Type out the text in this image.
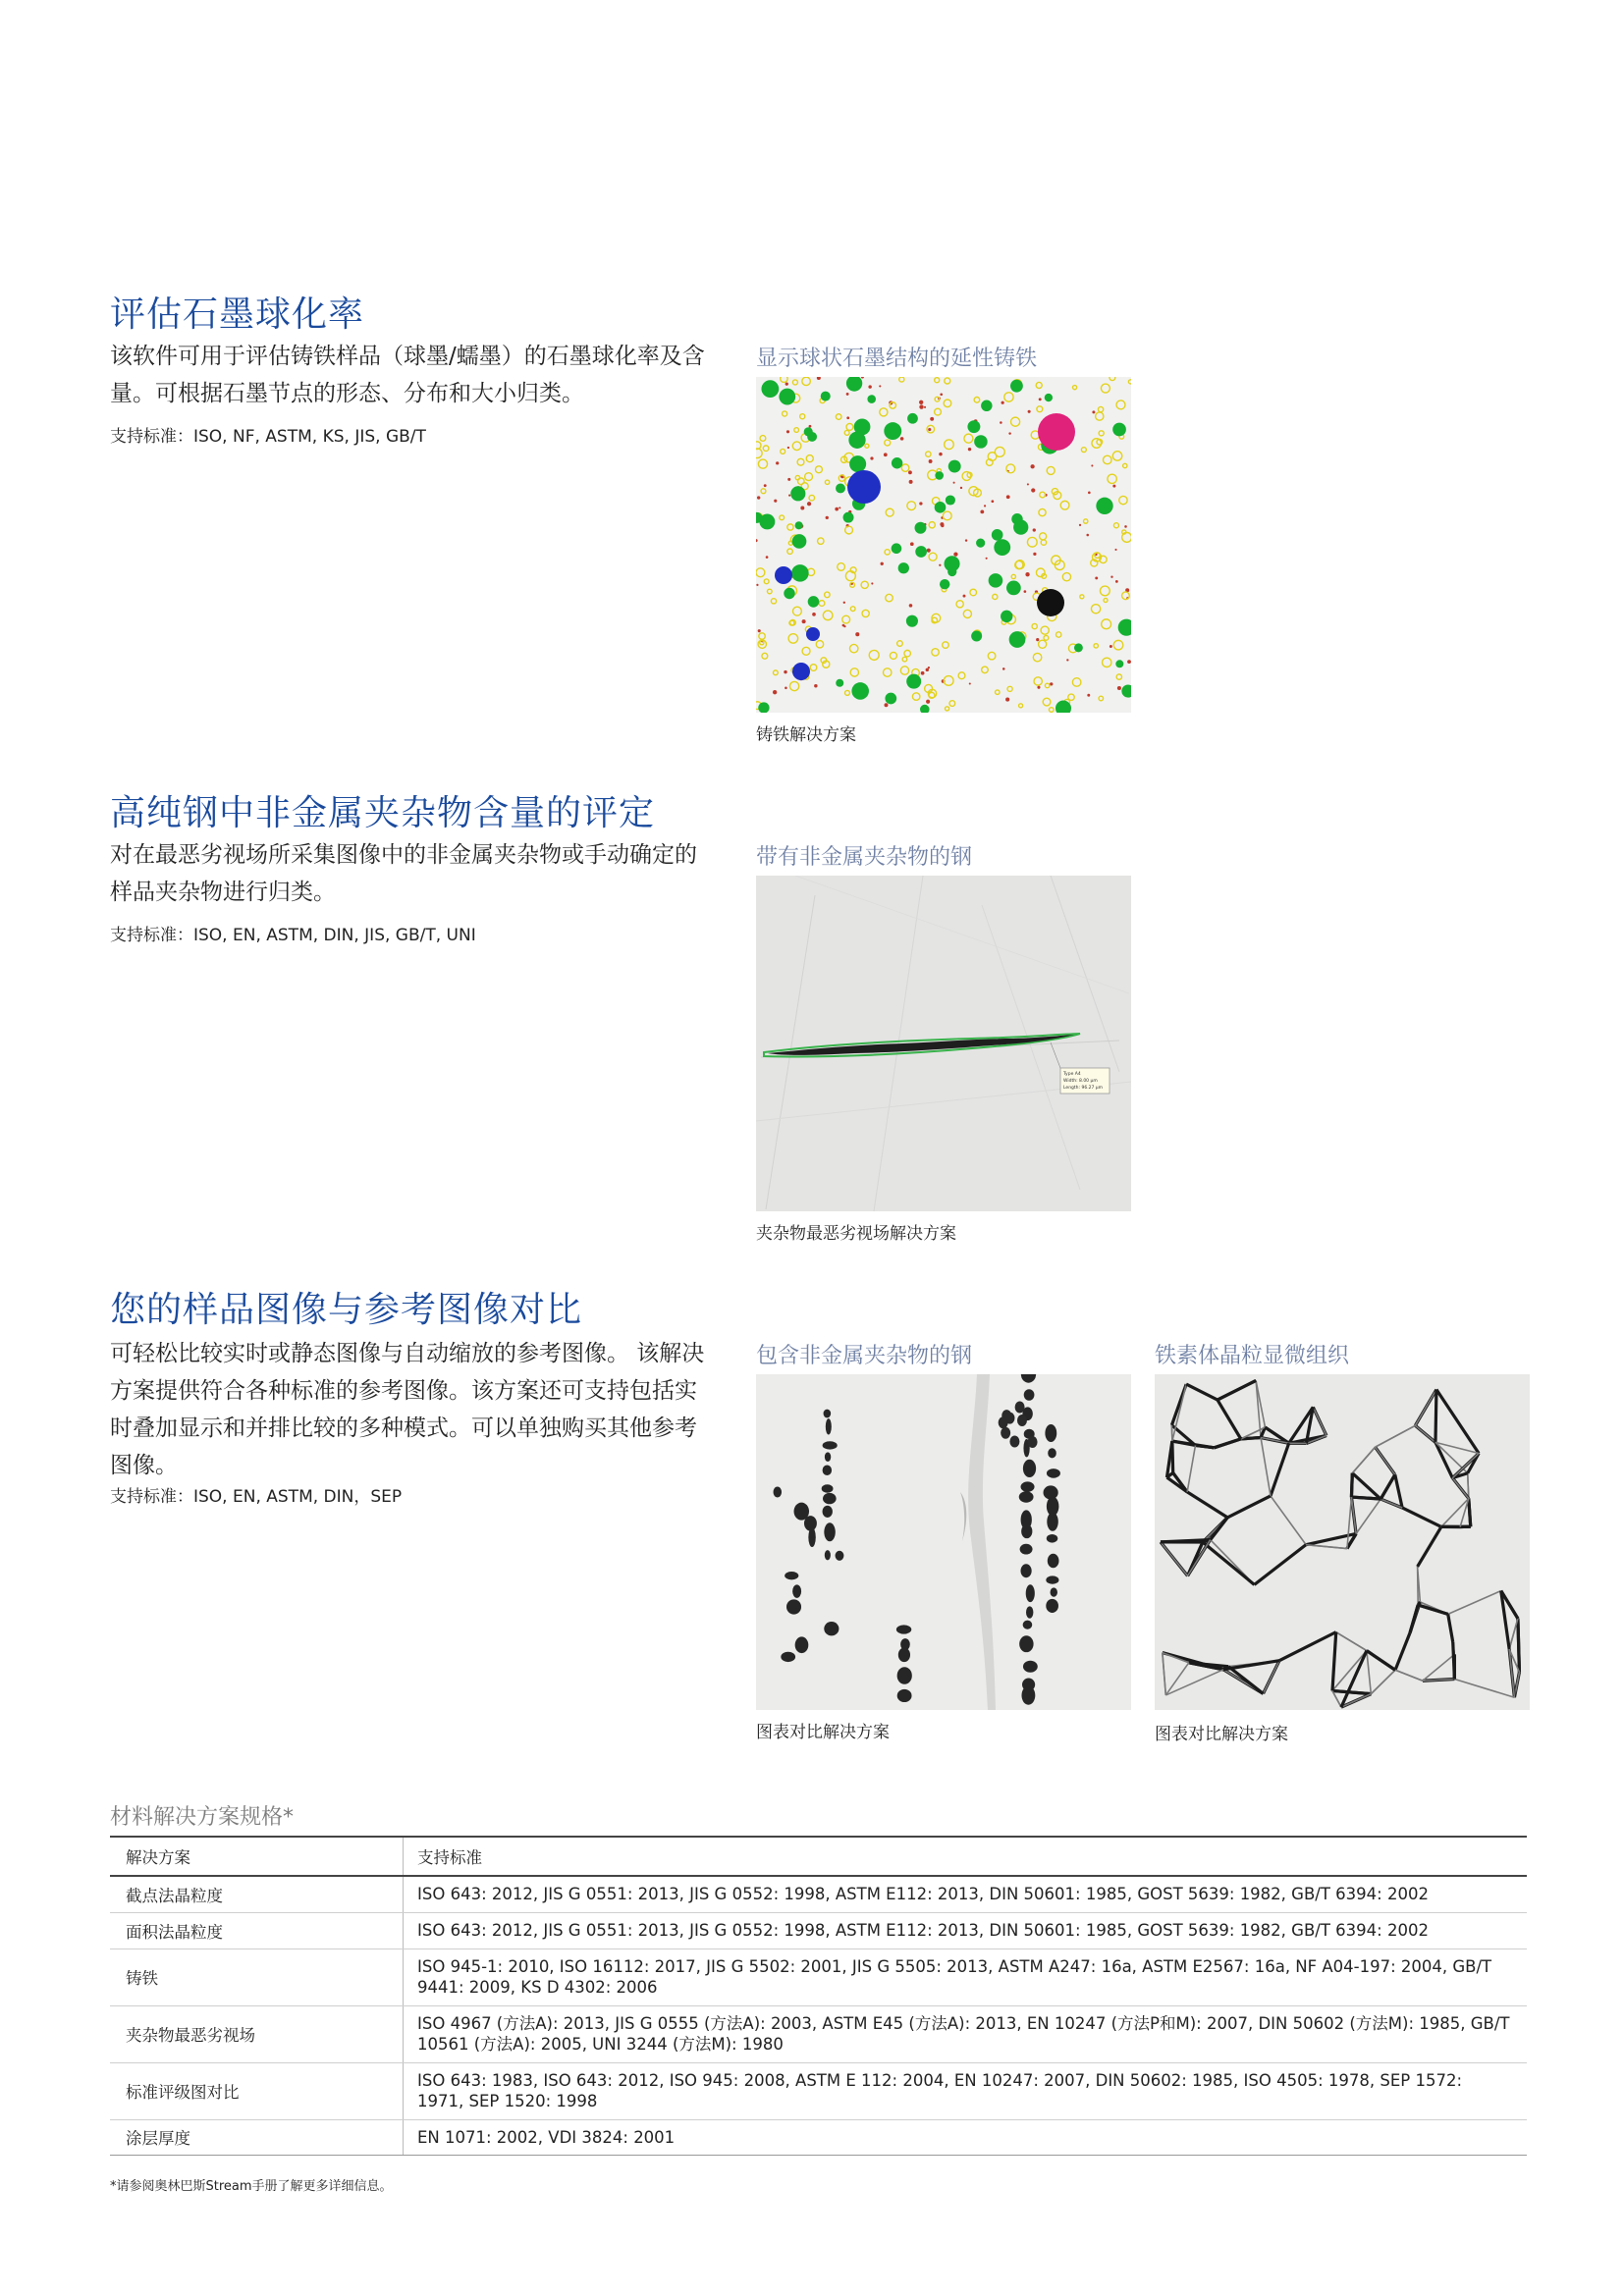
评估石墨球化率

该软件可用于评估铸铁样品（球墨/蠕墨）的石墨球化率及含量。可根据石墨节点的形态、分布和大小归类。

支持标准：ISO, NF, ASTM, KS, JIS, GB/T
显示球状石墨结构的延性铸铁
铸铁解决方案
高纯钢中非金属夹杂物含量的评定

对在最恶劣视场所采集图像中的非金属夹杂物或手动确定的样品夹杂物进行归类。

支持标准：ISO, EN, ASTM, DIN, JIS, GB/T, UNI
带有非金属夹杂物的钢
Type A4
Width: 8.00 µm
Length: 96.27 µm
夹杂物最恶劣视场解决方案
您的样品图像与参考图像对比

可轻松比较实时或静态图像与自动缩放的参考图像。 该解决方案提供符合各种标准的参考图像。该方案还可支持包括实时叠加显示和并排比较的多种模式。可以单独购买其他参考图像。

支持标准：ISO, EN, ASTM, DIN，SEP
包含非金属夹杂物的钢
图表对比解决方案
铁素体晶粒显微组织
图表对比解决方案
材料解决方案规格*
解决方案	支持标准
截点法晶粒度	ISO 643: 2012, JIS G 0551: 2013, JIS G 0552: 1998, ASTM E112: 2013, DIN 50601: 1985, GOST 5639: 1982, GB/T 6394: 2002
面积法晶粒度	ISO 643: 2012, JIS G 0551: 2013, JIS G 0552: 1998, ASTM E112: 2013, DIN 50601: 1985, GOST 5639: 1982, GB/T 6394: 2002
铸铁	ISO 945-1: 2010, ISO 16112: 2017, JIS G 5502: 2001, JIS G 5505: 2013, ASTM A247: 16a, ASTM E2567: 16a, NF A04-197: 2004, GB/T 9441: 2009, KS D 4302: 2006
夹杂物最恶劣视场	ISO 4967 (方法A): 2013, JIS G 0555 (方法A): 2003, ASTM E45 (方法A): 2013, EN 10247 (方法P和M): 2007, DIN 50602 (方法M): 1985, GB/T 10561 (方法A): 2005, UNI 3244 (方法M): 1980
标准评级图对比	ISO 643: 1983, ISO 643: 2012, ISO 945: 2008, ASTM E 112: 2004, EN 10247: 2007, DIN 50602: 1985, ISO 4505: 1978, SEP 1572: 1971, SEP 1520: 1998
涂层厚度	EN 1071: 2002, VDI 3824: 2001
*请参阅奥林巴斯Stream手册了解更多详细信息。
